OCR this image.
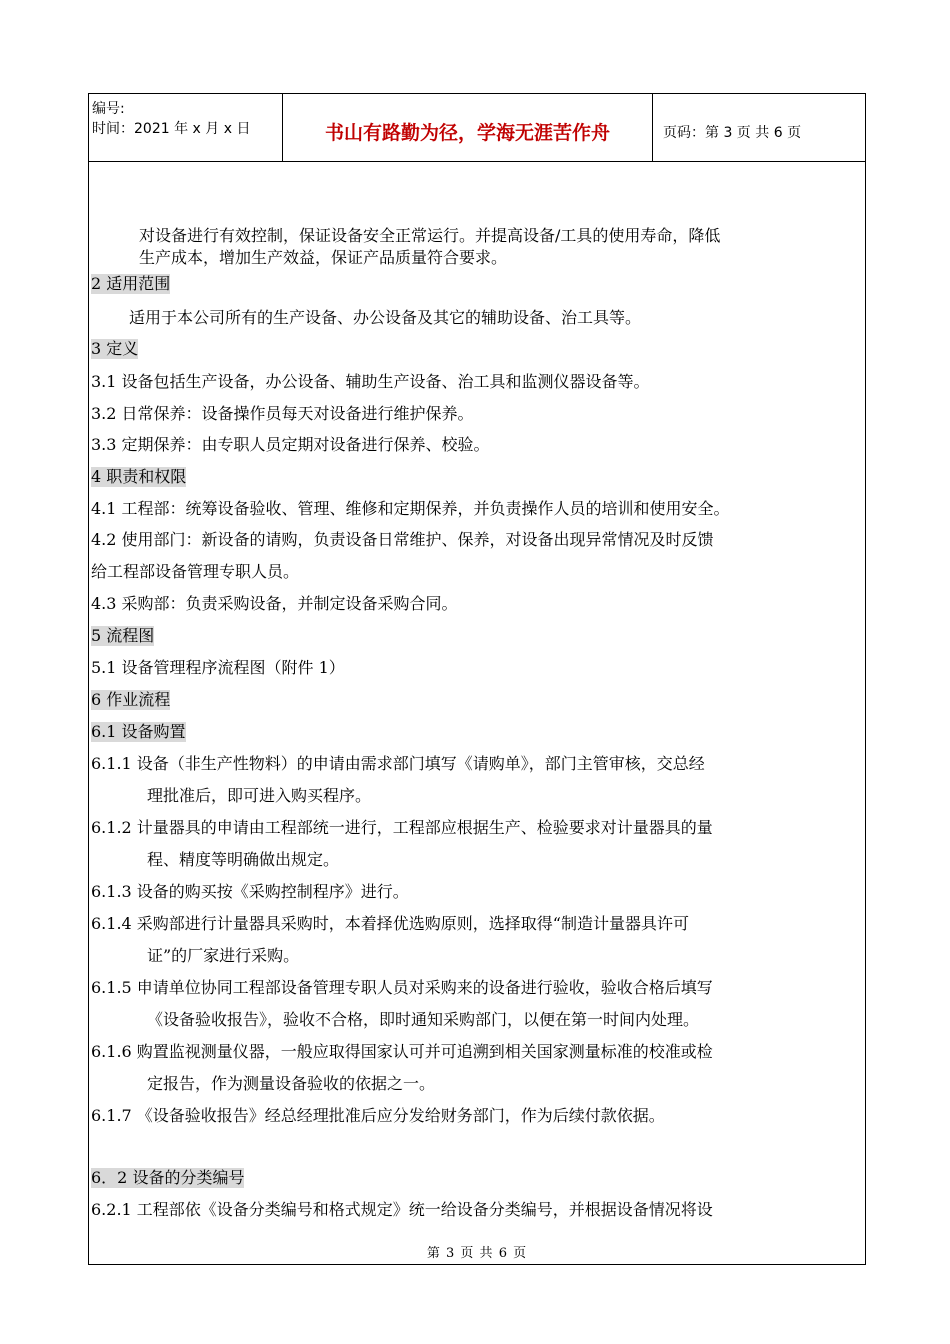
编号:
时间：2021 年 x 月 x 日	书山有路勤为径，学海无涯苦作舟	页码：第 3 页 共 6 页
对设备进行有效控制，保证设备安全正常运行。并提高设备/工具的使用寿命，降低
生产成本，增加生产效益，保证产品质量符合要求。
2 适用范围
适用于本公司所有的生产设备、办公设备及其它的辅助设备、治工具等。
3 定义
3.1 设备包括生产设备，办公设备、辅助生产设备、治工具和监测仪器设备等。
3.2 日常保养：设备操作员每天对设备进行维护保养。
3.3 定期保养：由专职人员定期对设备进行保养、校验。
4 职责和权限
4.1 工程部：统筹设备验收、管理、维修和定期保养，并负责操作人员的培训和使用安全。
4.2 使用部门：新设备的请购，负责设备日常维护、保养，对设备出现异常情况及时反馈
给工程部设备管理专职人员。
4.3 采购部：负责采购设备，并制定设备采购合同。
5 流程图
5.1 设备管理程序流程图（附件 1）
6 作业流程
6.1 设备购置
6.1.1 设备（非生产性物料）的申请由需求部门填写《请购单》，部门主管审核，交总经
理批准后，即可进入购买程序。
6.1.2 计量器具的申请由工程部统一进行，工程部应根据生产、检验要求对计量器具的量
程、精度等明确做出规定。
6.1.3 设备的购买按《采购控制程序》进行。
6.1.4 采购部进行计量器具采购时，本着择优选购原则，选择取得“制造计量器具许可
证”的厂家进行采购。
6.1.5 申请单位协同工程部设备管理专职人员对采购来的设备进行验收，验收合格后填写
《设备验收报告》，验收不合格，即时通知采购部门，以便在第一时间内处理。
6.1.6 购置监视测量仪器，一般应取得国家认可并可追溯到相关国家测量标准的校准或检
定报告，作为测量设备验收的依据之一。
6.1.7 《设备验收报告》经总经理批准后应分发给财务部门，作为后续付款依据。
6．2 设备的分类编号
6.2.1 工程部依《设备分类编号和格式规定》统一给设备分类编号，并根据设备情况将设
第 3 页 共 6 页
